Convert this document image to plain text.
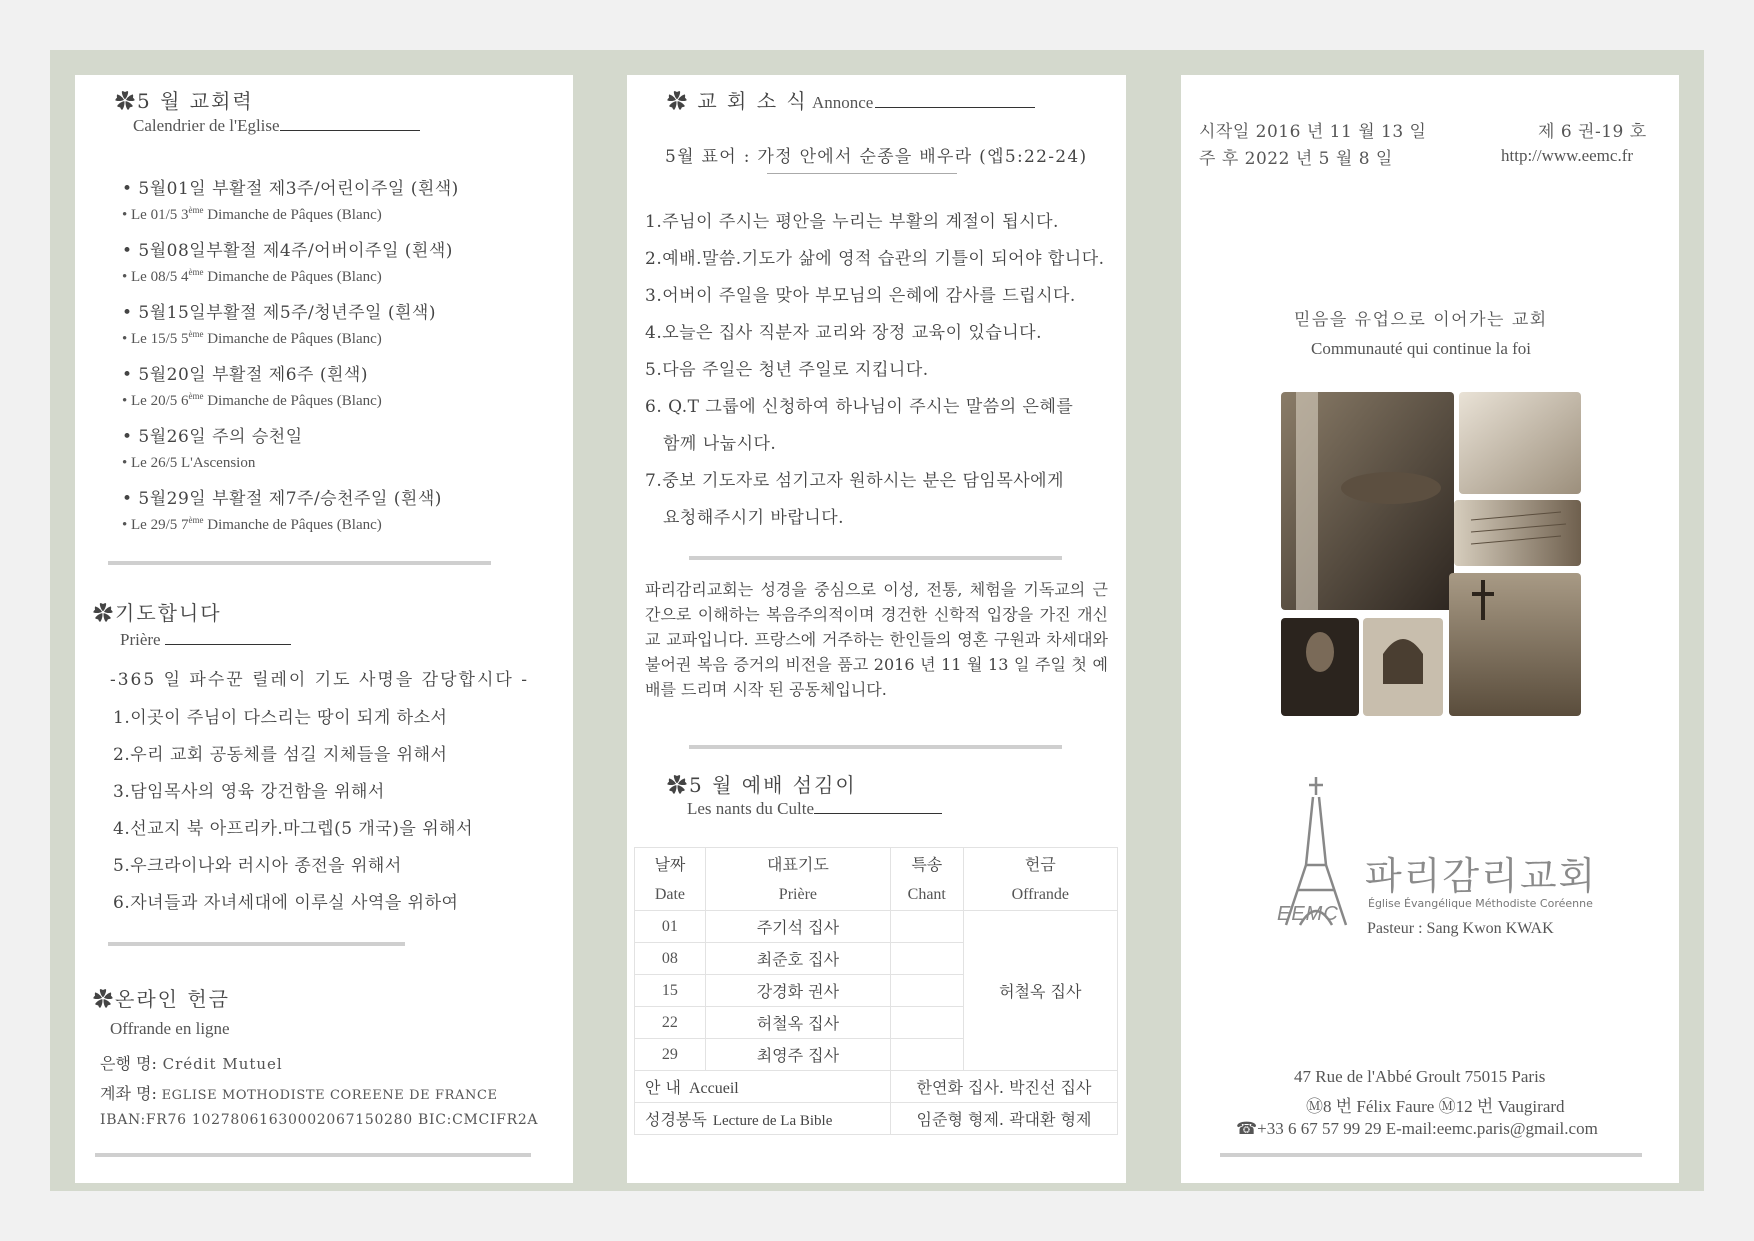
✿5 월 교회력
Calendrier de l'Eglise
• 5월01일 부활절 제3주/어린이주일 (흰색)
• Le 01/5 3ème Dimanche de Pâques (Blanc)
• 5월08일부활절 제4주/어버이주일 (흰색)
• Le 08/5 4ème Dimanche de Pâques (Blanc)
• 5월15일부활절 제5주/청년주일 (흰색)
• Le 15/5 5ème Dimanche de Pâques (Blanc)
• 5월20일 부활절 제6주 (흰색)
• Le 20/5 6ème Dimanche de Pâques (Blanc)
• 5월26일 주의 승천일
• Le 26/5 L'Ascension
• 5월29일 부활절 제7주/승천주일 (흰색)
• Le 29/5 7ème Dimanche de Pâques (Blanc)
✿기도합니다
Prière
-365 일 파수꾼 릴레이 기도 사명을 감당합시다 -
1.이곳이 주님이 다스리는 땅이 되게 하소서
2.우리 교회 공동체를 섬길 지체들을 위해서
3.담임목사의 영육 강건함을 위해서
4.선교지 북 아프리카.마그렙(5 개국)을 위해서
5.우크라이나와 러시아 종전을 위해서
6.자녀들과 자녀세대에 이루실 사역을 위하여
✿온라인 헌금
Offrande en ligne
은행 명: Crédit Mutuel
계좌 명: EGLISE MOTHODISTE COREENE DE FRANCE
IBAN:FR76 10278061630002067150280 BIC:CMCIFR2A
✿ 교 회 소 식 Annonce
5월 표어 : 가정 안에서 순종을 배우라 (엡5:22-24)
1.주님이 주시는 평안을 누리는 부활의 계절이 됩시다.
2.예배.말씀.기도가 삶에 영적 습관의 기틀이 되어야 합니다.
3.어버이 주일을 맞아 부모님의 은혜에 감사를 드립시다.
4.오늘은 집사 직분자 교리와 장정 교육이 있습니다.
5.다음 주일은 청년 주일로 지킵니다.
6. Q.T 그룹에 신청하여 하나님이 주시는 말씀의 은혜를
함께 나눕시다.
7.중보 기도자로 섬기고자 원하시는 분은 담임목사에게
요청해주시기 바랍니다.
파리감리교회는 성경을 중심으로 이성, 전통, 체험을 기독교의 근간으로 이해하는 복음주의적이며 경건한 신학적 입장을 가진 개신교 교파입니다. 프랑스에 거주하는 한인들의 영혼 구원과 차세대와 불어권 복음 증거의 비전을 품고 2016 년 11 월 13 일 주일 첫 예배를 드리며 시작 된 공동체입니다.
✿5 월 예배 섬김이
Les nants du Culte
날짜	대표기도	특송	헌금
Date	Prière	Chant	Offrande
01	주기석 집사		허철옥 집사
08	최준호 집사		
15	강경화 권사		
22	허철옥 집사		
29	최영주 집사		
안 내 Accueil		한연화 집사. 박진선 집사	
성경봉독 Lecture de La Bible		임준형 형제. 곽대환 형제	
시작일 2016 년 11 월 13 일
주 후 2022 년 5 월 8 일
제 6 권-19 호
http://www.eemc.fr
믿음을 유업으로 이어가는 교회
Communauté qui continue la foi
EEMC
파리감리교회
Église Évangélique Méthodiste Coréenne
Pasteur : Sang Kwon KWAK
47 Rue de l'Abbé Groult 75015 Paris
Ⓜ8 번 Félix Faure Ⓜ12 번 Vaugirard
☎+33 6 67 57 99 29 E-mail:eemc.paris@gmail.com
